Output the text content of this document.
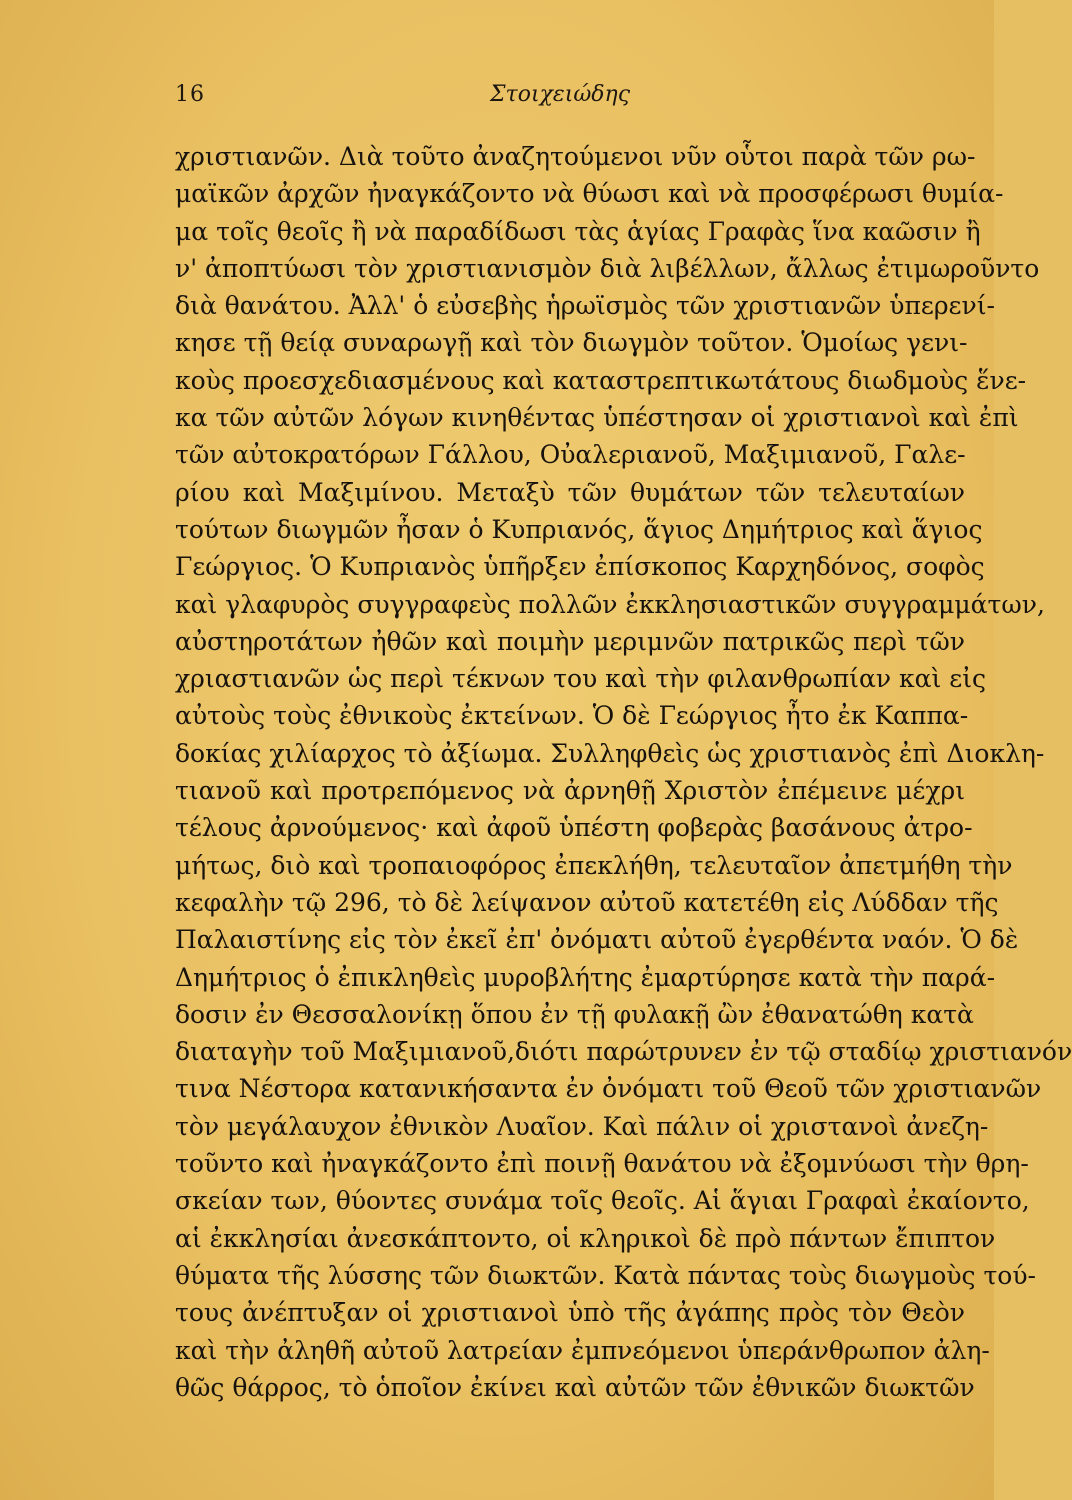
16	Στοιχειώδης
χριστιανῶν. Διὰ τοῦτο ἀναζητούμενοι νῦν οὗτοι παρὰ τῶν ρω-
μαϊκῶν ἀρχῶν ἠναγκάζοντο νὰ θύωσι καὶ νὰ προσφέρωσι θυμία-
μα τοῖς θεοῖς ἢ νὰ παραδίδωσι τὰς ἁγίας Γραφὰς ἵνα καῶσιν ἢ
ν' ἀποπτύωσι τὸν χριστιανισμὸν διὰ λιβέλλων, ἄλλως ἐτιμωροῦντο
διὰ θανάτου. Ἀλλ' ὁ εὐσεβὴς ἡρωϊσμὸς τῶν χριστιανῶν ὑπερενί-
κησε τῇ θείᾳ συναρωγῇ καὶ τὸν διωγμὸν τοῦτον. Ὁμοίως γενι-
κοὺς προεσχεδιασμένους καὶ καταστρεπτικωτάτους διωδμοὺς ἕνε-
κα τῶν αὐτῶν λόγων κινηθέντας ὑπέστησαν οἱ χριστιανοὶ καὶ ἐπὶ
τῶν αὐτοκρατόρων Γάλλου, Οὐαλεριανοῦ, Μαξιμιανοῦ, Γαλε-
ρίου καὶ Μαξιμίνου. Μεταξὺ τῶν θυμάτων τῶν τελευταίων
τούτων διωγμῶν ἦσαν ὁ Κυπριανός, ἅγιος Δημήτριος καὶ ἅγιος
Γεώργιος. Ὁ Κυπριανὸς ὑπῆρξεν ἐπίσκοπος Καρχηδόνος, σοφὸς
καὶ γλαφυρὸς συγγραφεὺς πολλῶν ἐκκλησιαστικῶν συγγραμμάτων,
αὐστηροτάτων ἠθῶν καὶ ποιμὴν μεριμνῶν πατρικῶς περὶ τῶν
χριαστιανῶν ὡς περὶ τέκνων του καὶ τὴν φιλανθρωπίαν καὶ εἰς
αὐτοὺς τοὺς ἐθνικοὺς ἐκτείνων. Ὁ δὲ Γεώργιος ἦτο ἐκ Καππα-
δοκίας χιλίαρχος τὸ ἀξίωμα. Συλληφθεὶς ὡς χριστιανὸς ἐπὶ Διοκλη-
τιανοῦ καὶ προτρεπόμενος νὰ ἀρνηθῇ Χριστὸν ἐπέμεινε μέχρι
τέλους ἀρνούμενος· καὶ ἀφοῦ ὑπέστη φοβερὰς βασάνους ἀτρο-
μήτως, διὸ καὶ τροπαιοφόρος ἐπεκλήθη, τελευταῖον ἀπετμήθη τὴν
κεφαλὴν τῷ 296, τὸ δὲ λείψανον αὐτοῦ κατετέθη εἰς Λύδδαν τῆς
Παλαιστίνης εἰς τὸν ἐκεῖ ἐπ' ὀνόματι αὐτοῦ ἐγερθέντα ναόν. Ὁ δὲ
Δημήτριος ὁ ἐπικληθεὶς μυροβλήτης ἐμαρτύρησε κατὰ τὴν παρά-
δοσιν ἐν Θεσσαλονίκῃ ὅπου ἐν τῇ φυλακῇ ὢν ἐθανατώθη κατὰ
διαταγὴν τοῦ Μαξιμιανοῦ,διότι παρώτρυνεν ἐν τῷ σταδίῳ χριστιανόν
τινα Νέστορα κατανικήσαντα ἐν ὀνόματι τοῦ Θεοῦ τῶν χριστιανῶν
τὸν μεγάλαυχον ἐθνικὸν Λυαῖον. Καὶ πάλιν οἱ χριστανοὶ ἀνεζη-
τοῦντο καὶ ἠναγκάζοντο ἐπὶ ποινῇ θανάτου νὰ ἐξομνύωσι τὴν θρη-
σκείαν των, θύοντες συνάμα τοῖς θεοῖς. Αἱ ἅγιαι Γραφαὶ ἐκαίοντο,
αἱ ἐκκλησίαι ἀνεσκάπτοντο, οἱ κληρικοὶ δὲ πρὸ πάντων ἔπιπτον
θύματα τῆς λύσσης τῶν διωκτῶν. Κατὰ πάντας τοὺς διωγμοὺς τού-
τους ἀνέπτυξαν οἱ χριστιανοὶ ὑπὸ τῆς ἀγάπης πρὸς τὸν Θεὸν
καὶ τὴν ἀληθῆ αὐτοῦ λατρείαν ἐμπνεόμενοι ὑπεράνθρωπον ἀλη-
θῶς θάρρος, τὸ ὁποῖον ἐκίνει καὶ αὐτῶν τῶν ἐθνικῶν διωκτῶν
